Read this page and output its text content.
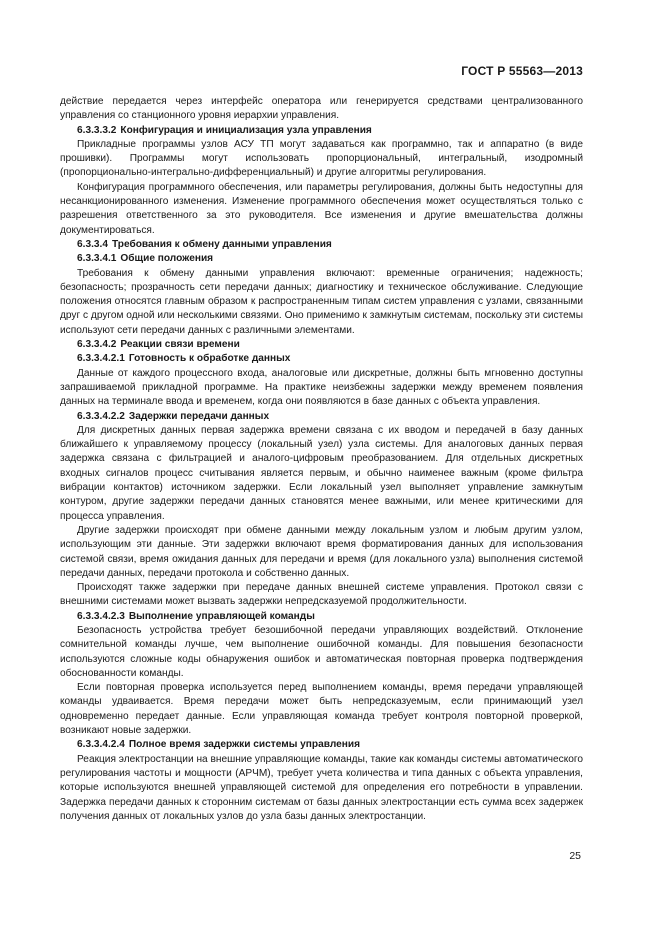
ГОСТ Р 55563—2013

действие передается через интерфейс оператора или генерируется средствами централизованного управления со станционного уровня иерархии управления.

6.3.3.3.2 Конфигурация и инициализация узла управления

Прикладные программы узлов АСУ ТП могут задаваться как программно, так и аппаратно (в виде прошивки). Программы могут использовать пропорциональный, интегральный, изодромный (пропорционально-интегрально-дифференциальный) и другие алгоритмы регулирования.

Конфигурация программного обеспечения, или параметры регулирования, должны быть недоступны для несанкционированного изменения. Изменение программного обеспечения может осуществляться только с разрешения ответственного за это руководителя. Все изменения и другие вмешательства должны документироваться.

6.3.3.4 Требования к обмену данными управления

6.3.3.4.1 Общие положения

Требования к обмену данными управления включают: временные ограничения; надежность; безопасность; прозрачность сети передачи данных; диагностику и техническое обслуживание. Следующие положения относятся главным образом к распространенным типам систем управления с узлами, связанными друг с другом одной или несколькими связями. Оно применимо к замкнутым системам, поскольку эти системы используют сети передачи данных с различными элементами.

6.3.3.4.2 Реакции связи времени

6.3.3.4.2.1 Готовность к обработке данных

Данные от каждого процессного входа, аналоговые или дискретные, должны быть мгновенно доступны запрашиваемой прикладной программе. На практике неизбежны задержки между временем появления данных на терминале ввода и временем, когда они появляются в базе данных с объекта управления.

6.3.3.4.2.2 Задержки передачи данных

Для дискретных данных первая задержка времени связана с их вводом и передачей в базу данных ближайшего к управляемому процессу (локальный узел) узла системы. Для аналоговых данных первая задержка связана с фильтрацией и аналого-цифровым преобразованием. Для отдельных дискретных входных сигналов процесс считывания является первым, и обычно наименее важным (кроме фильтра вибрации контактов) источником задержки. Если локальный узел выполняет управление замкнутым контуром, другие задержки передачи данных становятся менее важными, или менее критическими для процесса управления.

Другие задержки происходят при обмене данными между локальным узлом и любым другим узлом, использующим эти данные. Эти задержки включают время форматирования данных для использования системой связи, время ожидания данных для передачи и время (для локального узла) выполнения системой передачи данных, передачи протокола и собственно данных.

Происходят также задержки при передаче данных внешней системе управления. Протокол связи с внешними системами может вызвать задержки непредсказуемой продолжительности.

6.3.3.4.2.3 Выполнение управляющей команды

Безопасность устройства требует безошибочной передачи управляющих воздействий. Отклонение сомнительной команды лучше, чем выполнение ошибочной команды. Для повышения безопасности используются сложные коды обнаружения ошибок и автоматическая повторная проверка подтверждения обоснованности команды.

Если повторная проверка используется перед выполнением команды, время передачи управляющей команды удваивается. Время передачи может быть непредсказуемым, если принимающий узел одновременно передает данные. Если управляющая команда требует контроля повторной проверкой, возникают новые задержки.

6.3.3.4.2.4 Полное время задержки системы управления

Реакция электростанции на внешние управляющие команды, такие как команды системы автоматического регулирования частоты и мощности (АРЧМ), требует учета количества и типа данных с объекта управления, которые используются внешней управляющей системой для определения его потребности в управлении. Задержка передачи данных к сторонним системам от базы данных электростанции есть сумма всех задержек получения данных от локальных узлов до узла базы данных электростанции.

25
